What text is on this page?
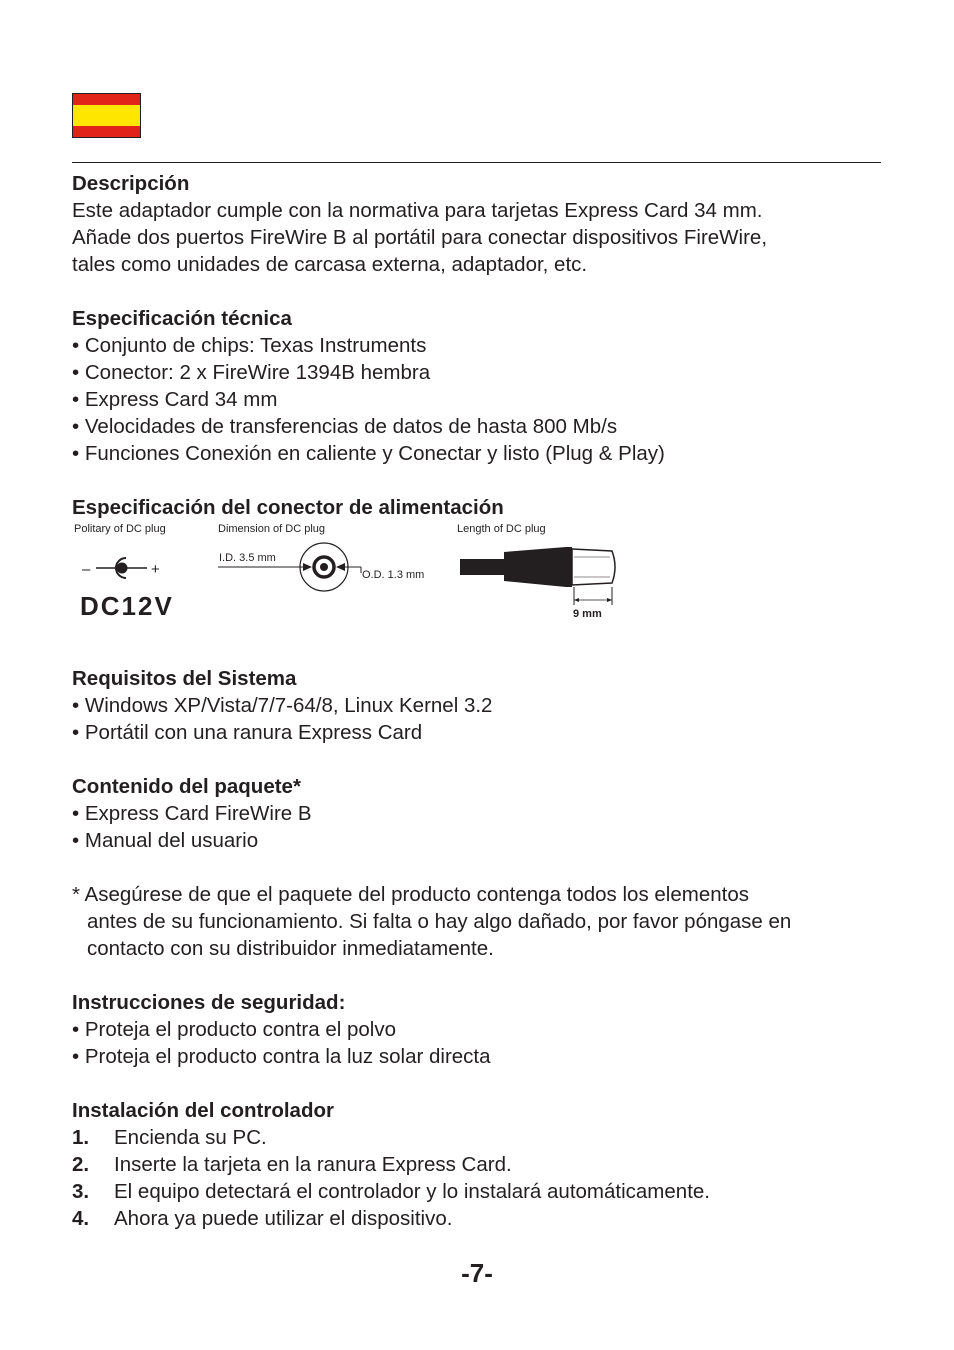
Descripción
Este adaptador cumple con la normativa para tarjetas Express Card 34 mm.
Añade dos puertos FireWire B al portátil para conectar dispositivos FireWire,
tales como unidades de carcasa externa, adaptador, etc.
Especificación técnica
• Conjunto de chips: Texas Instruments
• Conector: 2 x FireWire 1394B hembra
• Express Card 34 mm
• Velocidades de transferencias de datos de hasta 800 Mb/s
• Funciones Conexión en caliente y Conectar y listo (Plug & Play)
Especificación del conector de alimentación
Politary of DC plug	Dimension of DC plug	Length of DC plug
–	+
I.D. 3.5 mm
O.D. 1.3 mm
9 mm
DC12V
Requisitos del Sistema
• Windows XP/Vista/7/7-64/8, Linux Kernel 3.2
• Portátil con una ranura Express Card
Contenido del paquete*
• Express Card FireWire B
• Manual del usuario
* Asegúrese de que el paquete del producto contenga todos los elementos
antes de su funcionamiento. Si falta o hay algo dañado, por favor póngase en
contacto con su distribuidor inmediatamente.
Instrucciones de seguridad:
• Proteja el producto contra el polvo
• Proteja el producto contra la luz solar directa
Instalación del controlador
1. Encienda su PC.
2. Inserte la tarjeta en la ranura Express Card.
3. El equipo detectará el controlador y lo instalará automáticamente.
4. Ahora ya puede utilizar el dispositivo.
-7-
